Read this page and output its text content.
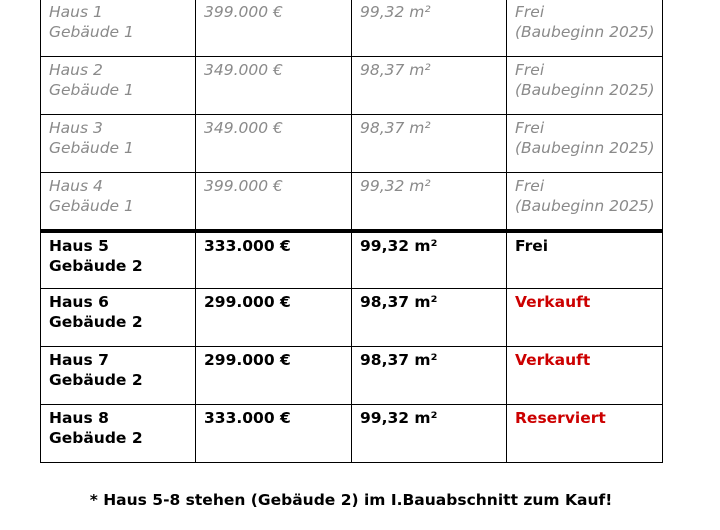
Haus 1
Gebäude 1	399.000 €	99,32 m²	Frei
(Baubeginn 2025)

Haus 2
Gebäude 1	349.000 €	98,37 m²	Frei
(Baubeginn 2025)

Haus 3
Gebäude 1	349.000 €	98,37 m²	Frei
(Baubeginn 2025)

Haus 4
Gebäude 1	399.000 €	99,32 m²	Frei
(Baubeginn 2025)

Haus 5
Gebäude 2	333.000 €	99,32 m²	Frei

Haus 6
Gebäude 2	299.000 €	98,37 m²	Verkauft

Haus 7
Gebäude 2	299.000 €	98,37 m²	Verkauft

Haus 8
Gebäude 2	333.000 €	99,32 m²	Reserviert
* Haus 5-8 stehen (Gebäude 2) im I.Bauabschnitt zum Kauf!
